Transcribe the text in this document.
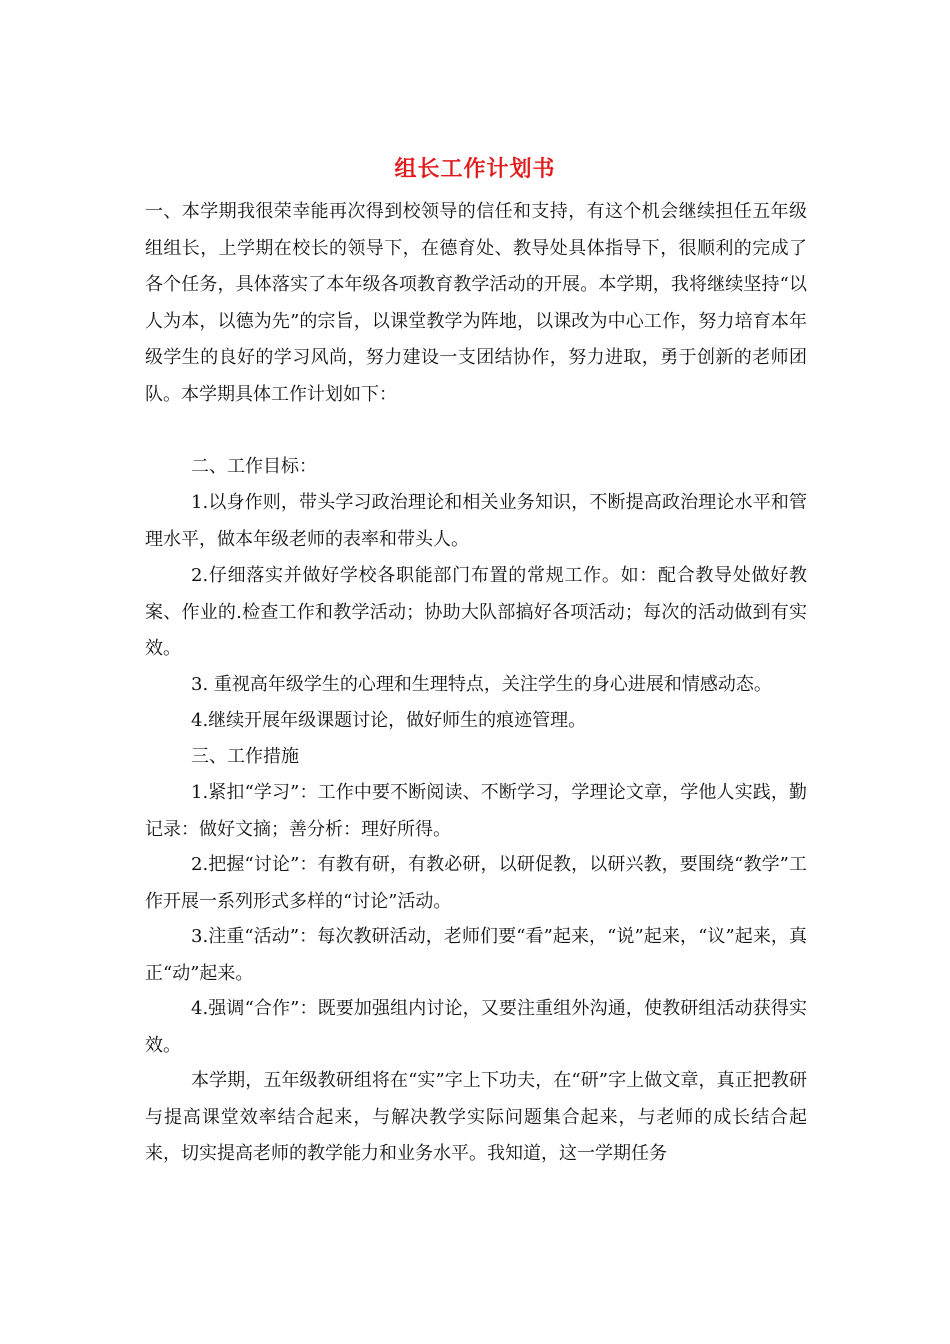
组长工作计划书

一、本学期我很荣幸能再次得到校领导的信任和支持，有这个机会继续担任五年级组组长，上学期在校长的领导下，在德育处、教导处具体指导下，很顺利的完成了各个任务，具体落实了本年级各项教育教学活动的开展。本学期，我将继续坚持“以人为本，以德为先”的宗旨，以课堂教学为阵地，以课改为中心工作，努力培育本年级学生的良好的学习风尚，努力建设一支团结协作，努力进取，勇于创新的老师团队。本学期具体工作计划如下：

二、工作目标：

1.以身作则，带头学习政治理论和相关业务知识，不断提高政治理论水平和管理水平，做本年级老师的表率和带头人。

2.仔细落实并做好学校各职能部门布置的常规工作。如：配合教导处做好教案、作业的.检查工作和教学活动；协助大队部搞好各项活动；每次的活动做到有实效。

3. 重视高年级学生的心理和生理特点，关注学生的身心进展和情感动态。

4.继续开展年级课题讨论，做好师生的痕迹管理。

三、工作措施

1.紧扣“学习”：工作中要不断阅读、不断学习，学理论文章，学他人实践，勤记录：做好文摘；善分析：理好所得。

2.把握“讨论”：有教有研，有教必研，以研促教，以研兴教，要围绕“教学”工作开展一系列形式多样的“讨论”活动。

3.注重“活动”：每次教研活动，老师们要“看”起来，“说”起来，“议”起来，真正“动”起来。

4.强调“合作”：既要加强组内讨论，又要注重组外沟通，使教研组活动获得实效。

本学期，五年级教研组将在“实”字上下功夫，在“研”字上做文章，真正把教研与提高课堂效率结合起来，与解决教学实际问题集合起来，与老师的成长结合起来，切实提高老师的教学能力和业务水平。我知道，这一学期任务
